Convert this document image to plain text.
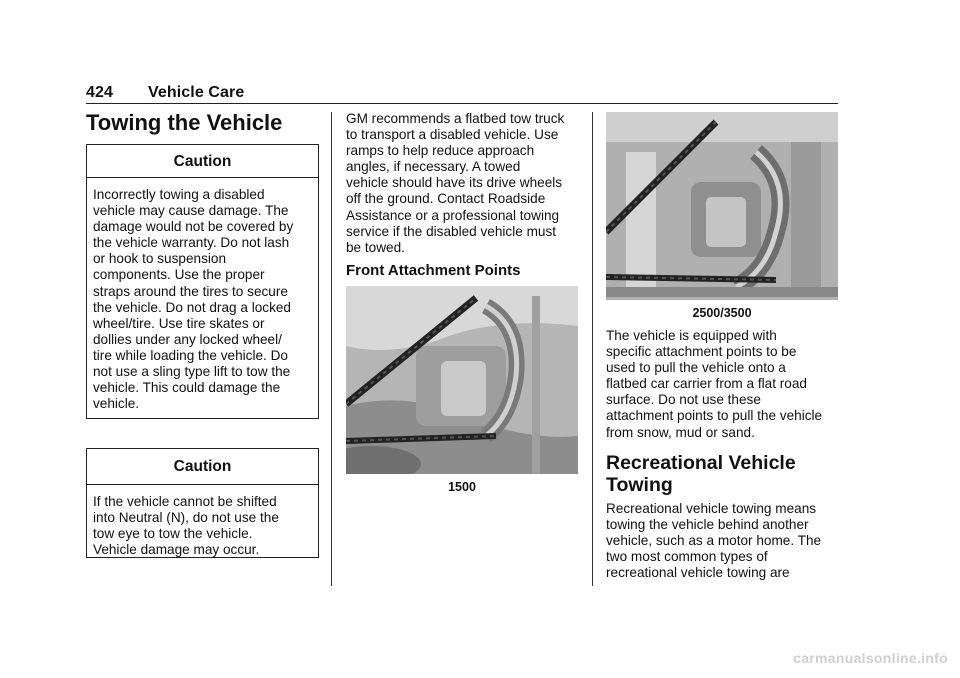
424 Vehicle Care
Towing the Vehicle
Caution
Incorrectly towing a disabled
vehicle may cause damage. The
damage would not be covered by
the vehicle warranty. Do not lash
or hook to suspension
components. Use the proper
straps around the tires to secure
the vehicle. Do not drag a locked
wheel/tire. Use tire skates or
dollies under any locked wheel/
tire while loading the vehicle. Do
not use a sling type lift to tow the
vehicle. This could damage the
vehicle.
Caution
If the vehicle cannot be shifted
into Neutral (N), do not use the
tow eye to tow the vehicle.
Vehicle damage may occur.
GM recommends a flatbed tow truck
to transport a disabled vehicle. Use
ramps to help reduce approach
angles, if necessary. A towed
vehicle should have its drive wheels
off the ground. Contact Roadside
Assistance or a professional towing
service if the disabled vehicle must
be towed.
Front Attachment Points
1500
2500/3500
The vehicle is equipped with
specific attachment points to be
used to pull the vehicle onto a
flatbed car carrier from a flat road
surface. Do not use these
attachment points to pull the vehicle
from snow, mud or sand.
Recreational Vehicle
Towing
Recreational vehicle towing means
towing the vehicle behind another
vehicle, such as a motor home. The
two most common types of
recreational vehicle towing are
carmanualsonline.info
